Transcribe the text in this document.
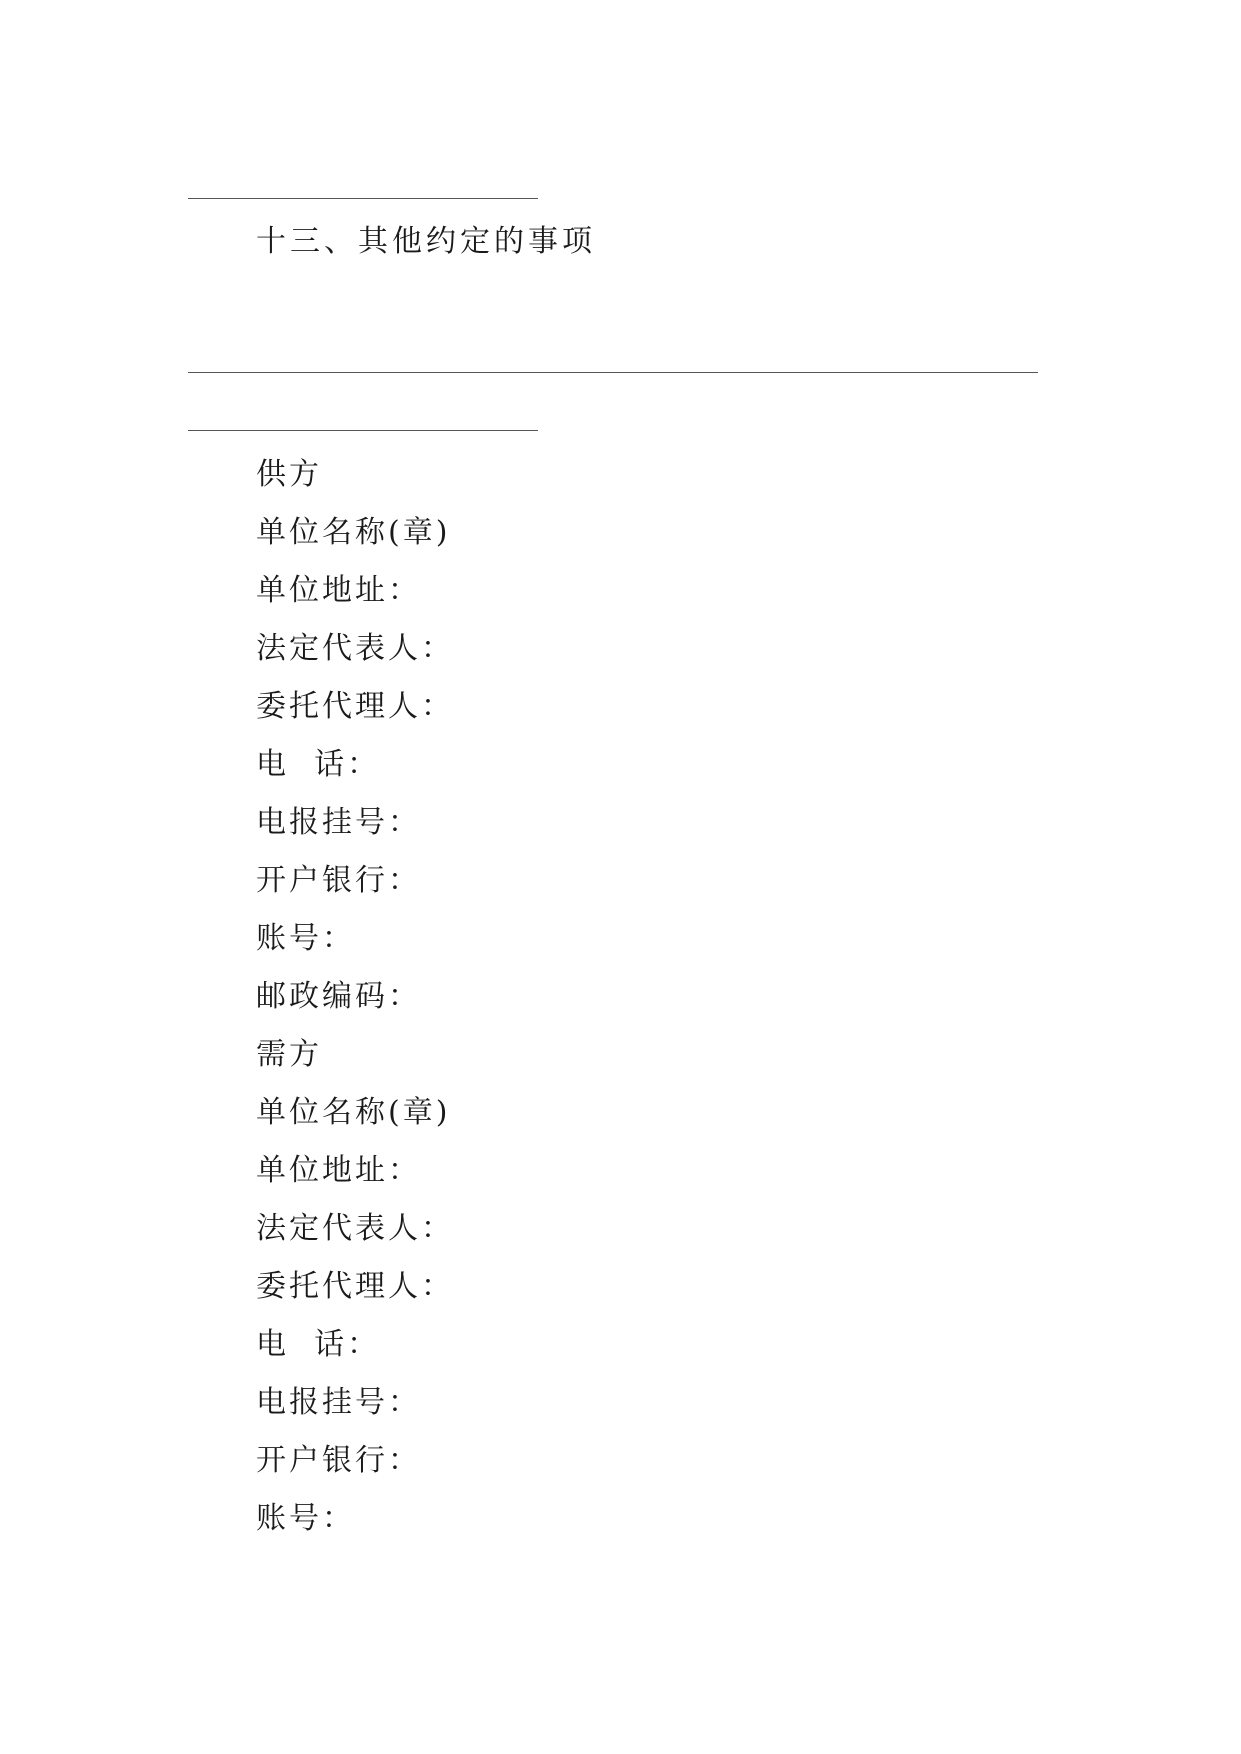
十三、其他约定的事项
供方
单位名称(章)
单位地址：
法定代表人：
委托代理人：
电  话：
电报挂号：
开户银行：
账号：
邮政编码：
需方
单位名称(章)
单位地址：
法定代表人：
委托代理人：
电  话：
电报挂号：
开户银行：
账号：
